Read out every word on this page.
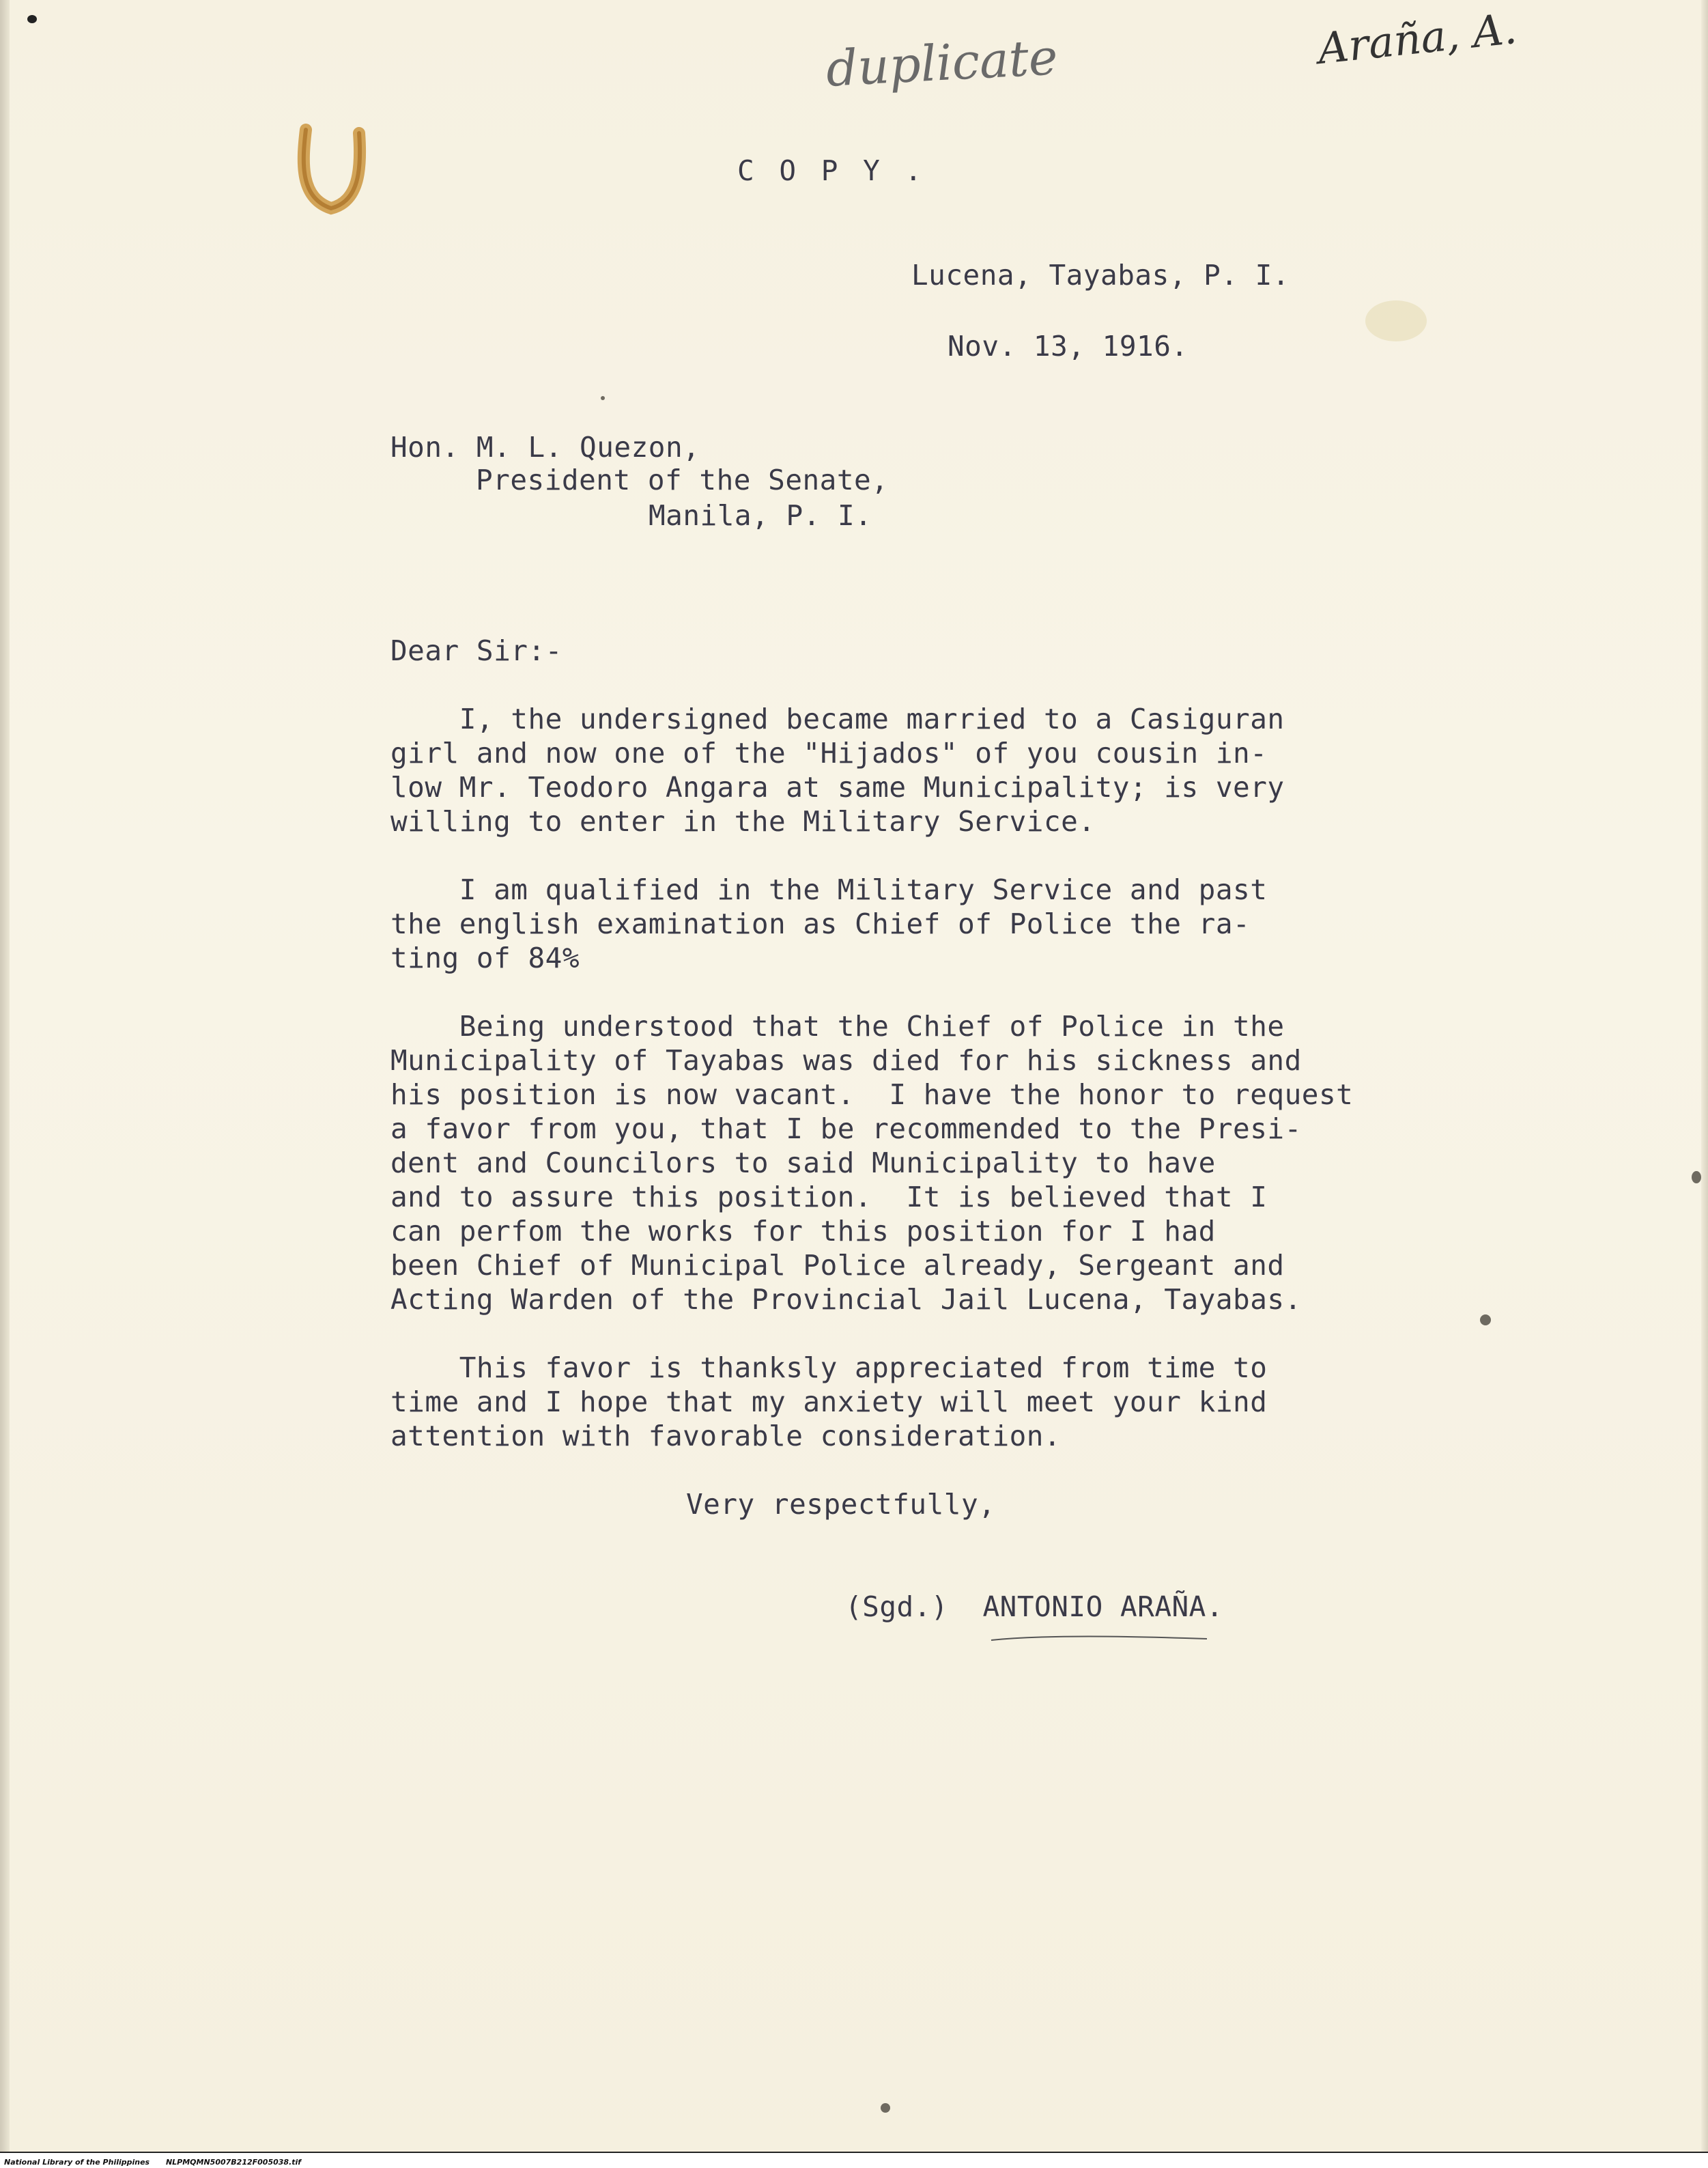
duplicate	Araña, A.
C O P Y .
Lucena, Tayabas, P. I.
Nov. 13, 1916.
Hon. M. L. Quezon,
President of the Senate,
Manila, P. I.
Dear Sir:-
I, the undersigned became married to a Casiguran
girl and now one of the "Hijados" of you cousin in-
low Mr. Teodoro Angara at same Municipality; is very
willing to enter in the Military Service.
I am qualified in the Military Service and past
the english examination as Chief of Police the ra-
ting of 84%
Being understood that the Chief of Police in the
Municipality of Tayabas was died for his sickness and
his position is now vacant.  I have the honor to request
a favor from you, that I be recommended to the Presi-
dent and Councilors to said Municipality to have
and to assure this position.  It is believed that I
can perfom the works for this position for I had
been Chief of Municipal Police already, Sergeant and
Acting Warden of the Provincial Jail Lucena, Tayabas.
This favor is thanksly appreciated from time to
time and I hope that my anxiety will meet your kind
attention with favorable consideration.
Very respectfully,
(Sgd.)  ANTONIO ARAÑA.
National Library of the Philippines NLPMQMN5007B212F005038.tif
